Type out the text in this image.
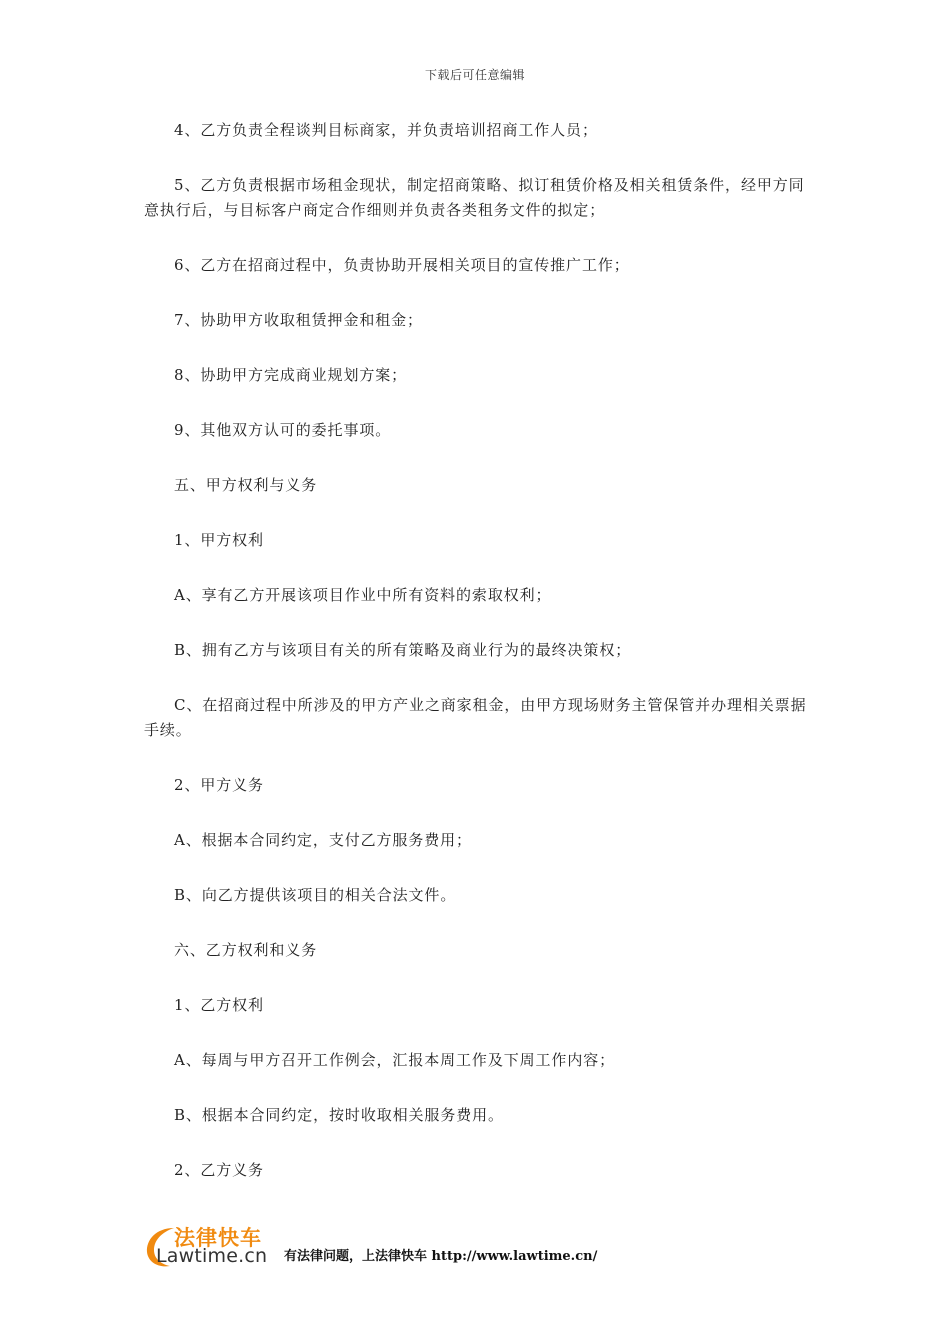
下载后可任意编辑

4、乙方负责全程谈判目标商家，并负责培训招商工作人员；

5、乙方负责根据市场租金现状，制定招商策略、拟订租赁价格及相关租赁条件，经甲方同意执行后，与目标客户商定合作细则并负责各类租务文件的拟定；

6、乙方在招商过程中，负责协助开展相关项目的宣传推广工作；

7、协助甲方收取租赁押金和租金；

8、协助甲方完成商业规划方案；

9、其他双方认可的委托事项。

五、甲方权利与义务

1、甲方权利

A、享有乙方开展该项目作业中所有资料的索取权利；

B、拥有乙方与该项目有关的所有策略及商业行为的最终决策权；

C、在招商过程中所涉及的甲方产业之商家租金，由甲方现场财务主管保管并办理相关票据手续。

2、甲方义务

A、根据本合同约定，支付乙方服务费用；

B、向乙方提供该项目的相关合法文件。

六、乙方权利和义务

1、乙方权利

A、每周与甲方召开工作例会，汇报本周工作及下周工作内容；

B、根据本合同约定，按时收取相关服务费用。

2、乙方义务

法律快车
Lawtime.cn 有法律问题，上法律快车 http://www.lawtime.cn/
